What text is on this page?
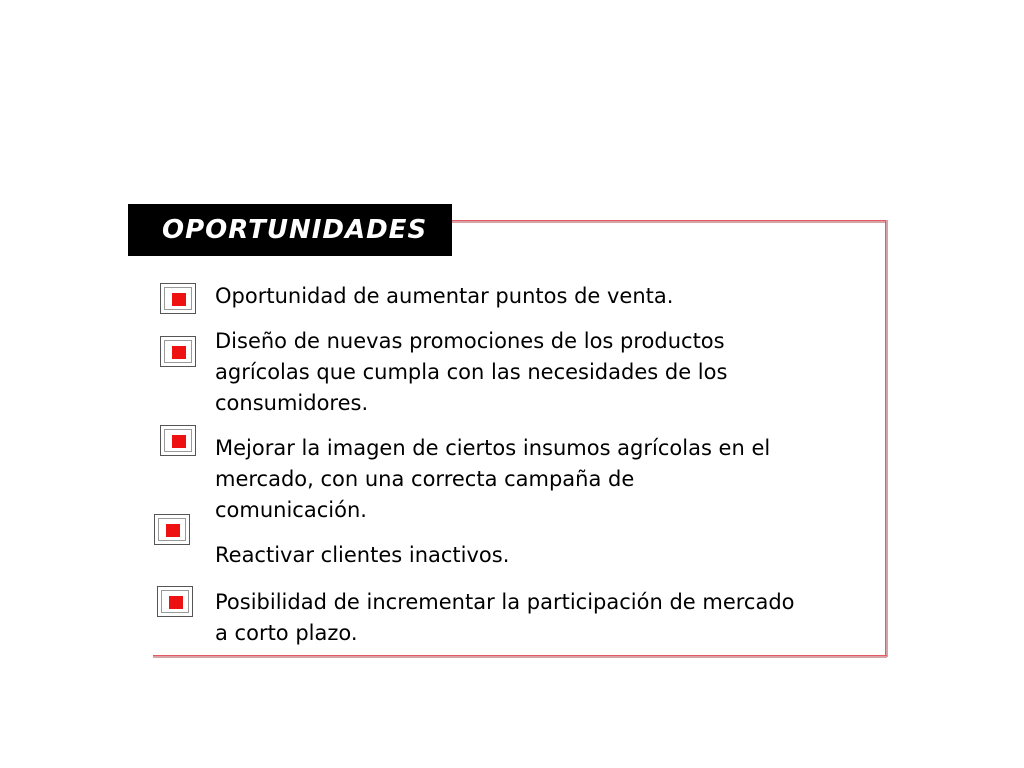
OPORTUNIDADES
Oportunidad de aumentar puntos de venta.
Diseño de nuevas promociones de los productos
agrícolas que cumpla con las necesidades de los
consumidores.
Mejorar la imagen de ciertos insumos agrícolas en el
mercado, con una correcta campaña de
comunicación.
Reactivar clientes inactivos.
Posibilidad de incrementar la participación de mercado
a corto plazo.
